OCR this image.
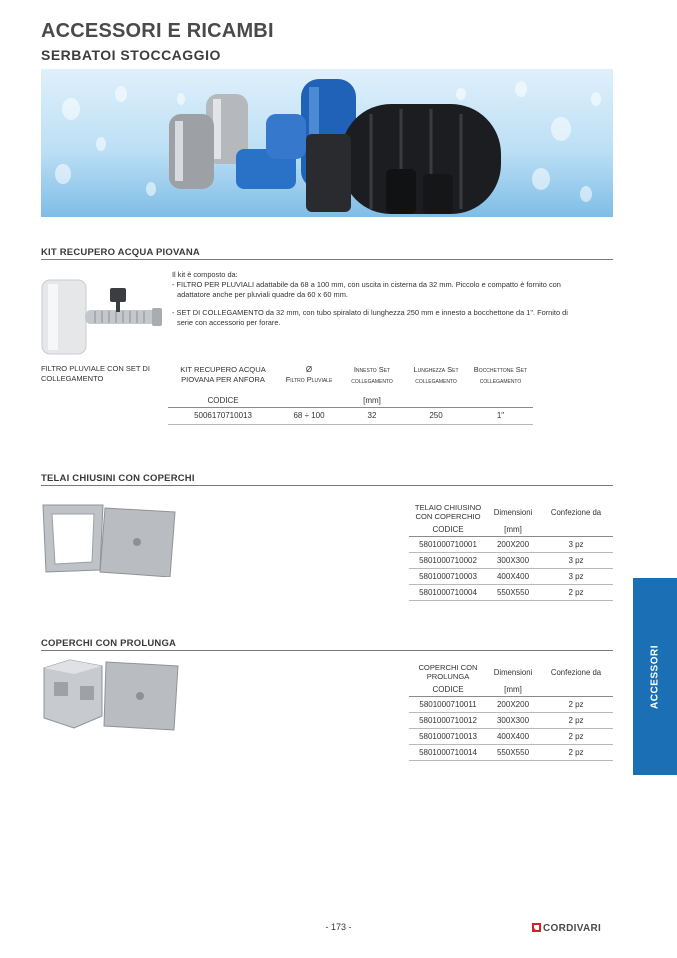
ACCESSORI E RICAMBI
SERBATOI STOCCAGGIO
KIT RECUPERO ACQUA PIOVANA
FILTRO PLUVIALE CON SET DI COLLEGAMENTO

Il kit è composto da:

- FILTRO PER PLUVIALI adattabile da 68 a 100 mm, con uscita in cisterna da 32 mm. Piccolo e compatto è fornito con

adattatore anche per pluviali quadre da 60 x 60 mm.

- SET DI COLLEGAMENTO da 32 mm, con tubo spiralato di lunghezza 250 mm e innesto a bocchettone da 1". Fornito di

serie con accessorio per forare.

KIT RECUPERO ACQUA PIOVANA PER ANFORA	Ø
Filtro Pluviale	Innesto Set collegamento	Lunghezza Set collegamento	Bocchettone Set collegamento
CODICE		[mm]		
5006170710013	68 ÷ 100	32	250	1"
TELAI CHIUSINI CON COPERCHI
TELAIO CHIUSINO CON COPERCHIO	Dimensioni	Confezione da
CODICE	[mm]	
5801000710001	200X200	3 pz
5801000710002	300X300	3 pz
5801000710003	400X400	3 pz
5801000710004	550X550	2 pz
COPERCHI CON PROLUNGA
COPERCHI CON PROLUNGA	Dimensioni	Confezione da
CODICE	[mm]	
5801000710011	200X200	2 pz
5801000710012	300X300	2 pz
5801000710013	400X400	2 pz
5801000710014	550X550	2 pz
ACCESSORI
- 173 -	CORDIVARI
